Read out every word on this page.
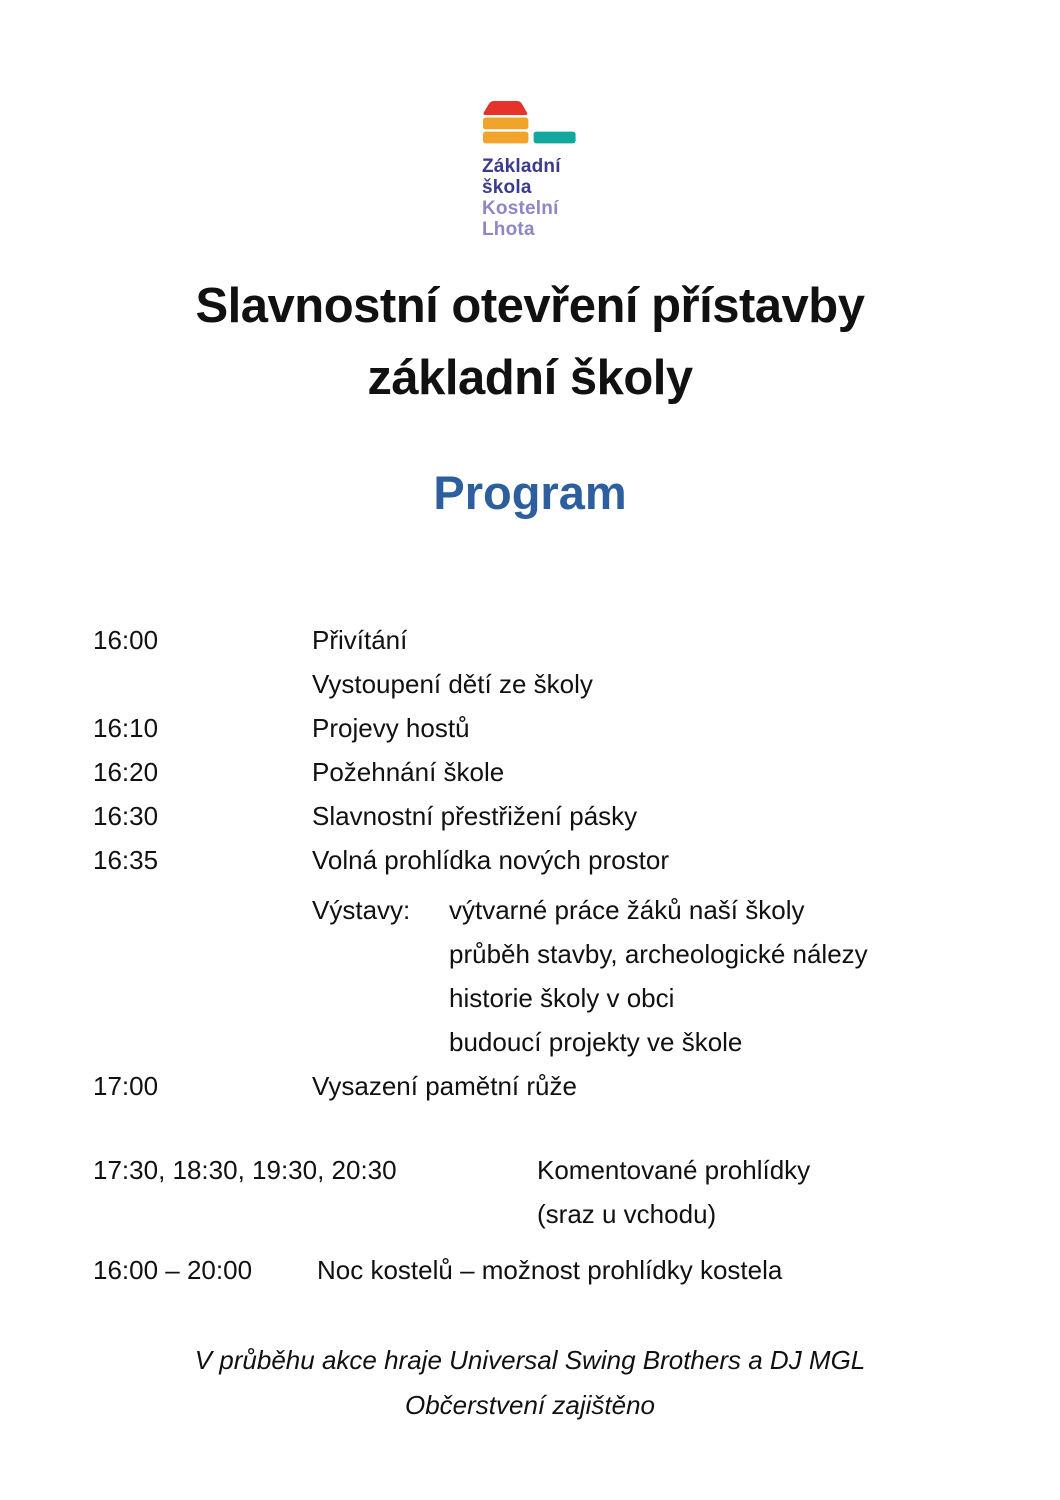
Základní
škola
Kostelní
Lhota
Slavnostní otevření přístavby
základní školy
Program
16:00	Přivítání
Vystoupení dětí ze školy
16:10	Projevy hostů
16:20	Požehnání škole
16:30	Slavnostní přestřižení pásky
16:35	Volná prohlídka nových prostor
Výstavy:	výtvarné práce žáků naší školy
průběh stavby, archeologické nálezy
historie školy v obci
budoucí projekty ve škole
17:00	Vysazení pamětní růže
17:30, 18:30, 19:30, 20:30	Komentované prohlídky
(sraz u vchodu)
16:00 – 20:00	Noc kostelů – možnost prohlídky kostela
V průběhu akce hraje Universal Swing Brothers a DJ MGL
Občerstvení zajištěno
